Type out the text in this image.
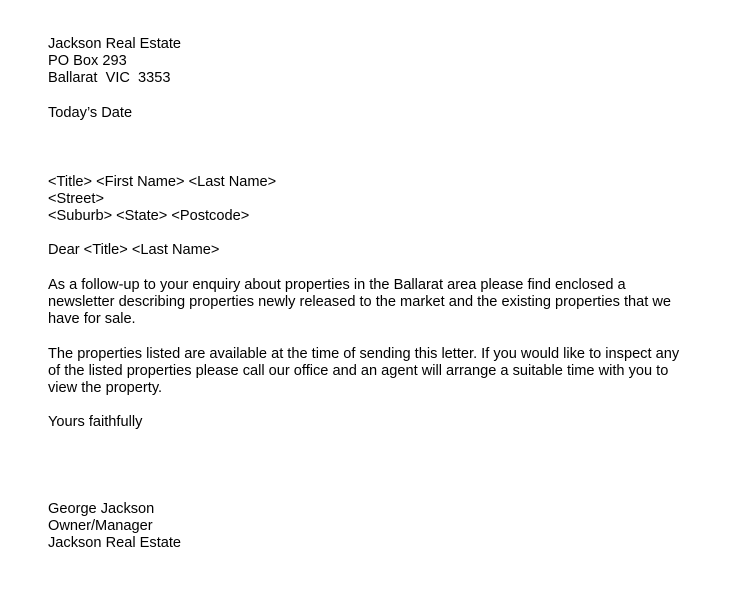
Jackson Real Estate
PO Box 293
Ballarat  VIC  3353
Today’s Date
<Title> <First Name> <Last Name>
<Street>
<Suburb> <State> <Postcode>
Dear <Title> <Last Name>
As a follow-up to your enquiry about properties in the Ballarat area please find enclosed a newsletter describing properties newly released to the market and the existing properties that we have for sale.
The properties listed are available at the time of sending this letter. If you would like to inspect any of the listed properties please call our office and an agent will arrange a suitable time with you to view the property.
Yours faithfully
George Jackson
Owner/Manager
Jackson Real Estate
